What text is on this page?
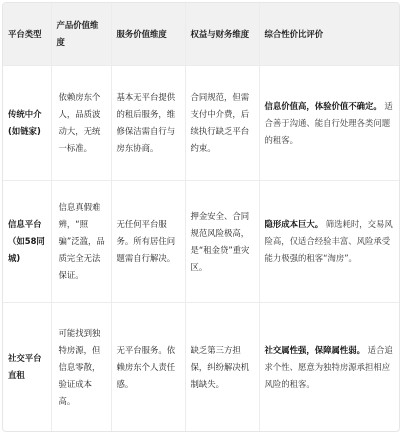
平台类型	产品价值维度	服务价值维度	权益与财务维度	综合性价比评价
传统中介(如链家)	依赖房东个人，品质波动大，无统一标准。	基本无平台提供的租后服务，维修保洁需自行与房东协商。	合同规范，但需支付中介费，后续执行缺乏平台约束。	信息价值高，体验价值不确定。 适合善于沟通、能自行处理各类问题的租客。
信息平台（如58同城)	信息真假难辨，“照骗”泛滥，品质完全无法保证。	无任何平台服务。所有居住问题需自行解决。	押金安全、合同规范风险极高，是“租金贷”重灾区。	隐形成本巨大。 筛选耗时，交易风险高，仅适合经验丰富、风险承受能力极强的租客“淘房”。
社交平台直租	可能找到独特房源，但信息零散，验证成本高。	无平台服务。依赖房东个人责任感。	缺乏第三方担保，纠纷解决机制缺失。	社交属性强，保障属性弱。 适合追求个性、愿意为独特房源承担相应风险的租客。
